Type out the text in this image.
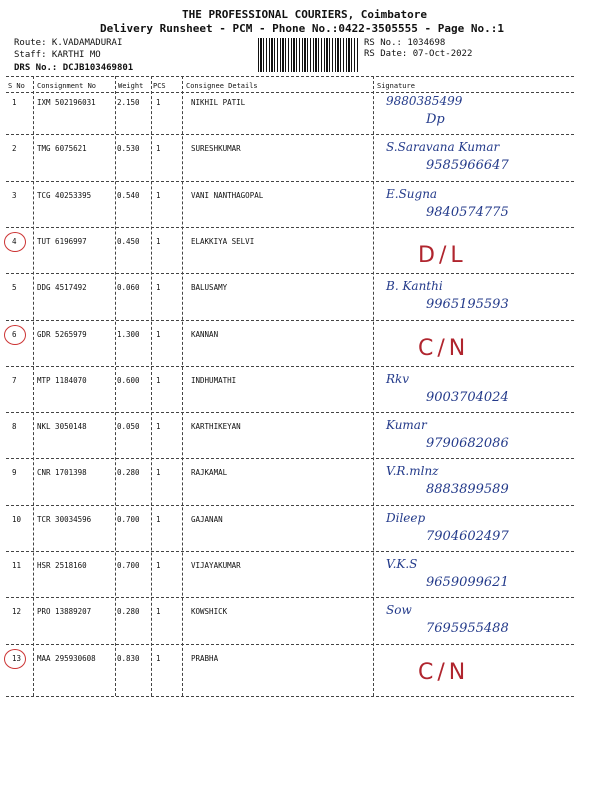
THE PROFESSIONAL COURIERS, Coimbatore
Delivery Runsheet - PCM - Phone No.:0422-3505555 - Page No.:1
Route: K.VADAMADURAI
Staff: KARTHI MO
DRS No.: DCJB103469801
RS No.: 1034698
RS Date: 07-Oct-2022
S No Consignment No	Weight PCS	Consignee Details	Signature
1	IXM 502196031	2.150 1	NIKHIL PATIL	9880385499
Dp
2	TMG 6075621	0.530 1	SURESHKUMAR	S.Saravana Kumar
9585966647
3	TCG 40253395	0.540 1	VANI NANTHAGOPAL	E.Sugna
9840574775
4	TUT 6196997	0.450 1	ELAKKIYA SELVI
D/L
5	DDG 4517492	0.060 1	BALUSAMY	B. Kanthi
9965195593
6	GDR 5265979	1.300 1	KANNAN
C/N
7	MTP 1184070	0.600 1	INDHUMATHI	Rkv
9003704024
8	NKL 3050148	0.050 1	KARTHIKEYAN	Kumar
9790682086
9	CNR 1701398	0.280 1	RAJKAMAL	V.R.mlnz
8883899589
10 TCR 30034596	0.700 1	GAJANAN	Dileep
7904602497
11 HSR 2518160	0.700 1	VIJAYAKUMAR	V.K.S
9659099621
12 PRO 13889207	0.280 1	KOWSHICK	Sow
7695955488
13 MAA 295930608	0.830 1	PRABHA
C/N
